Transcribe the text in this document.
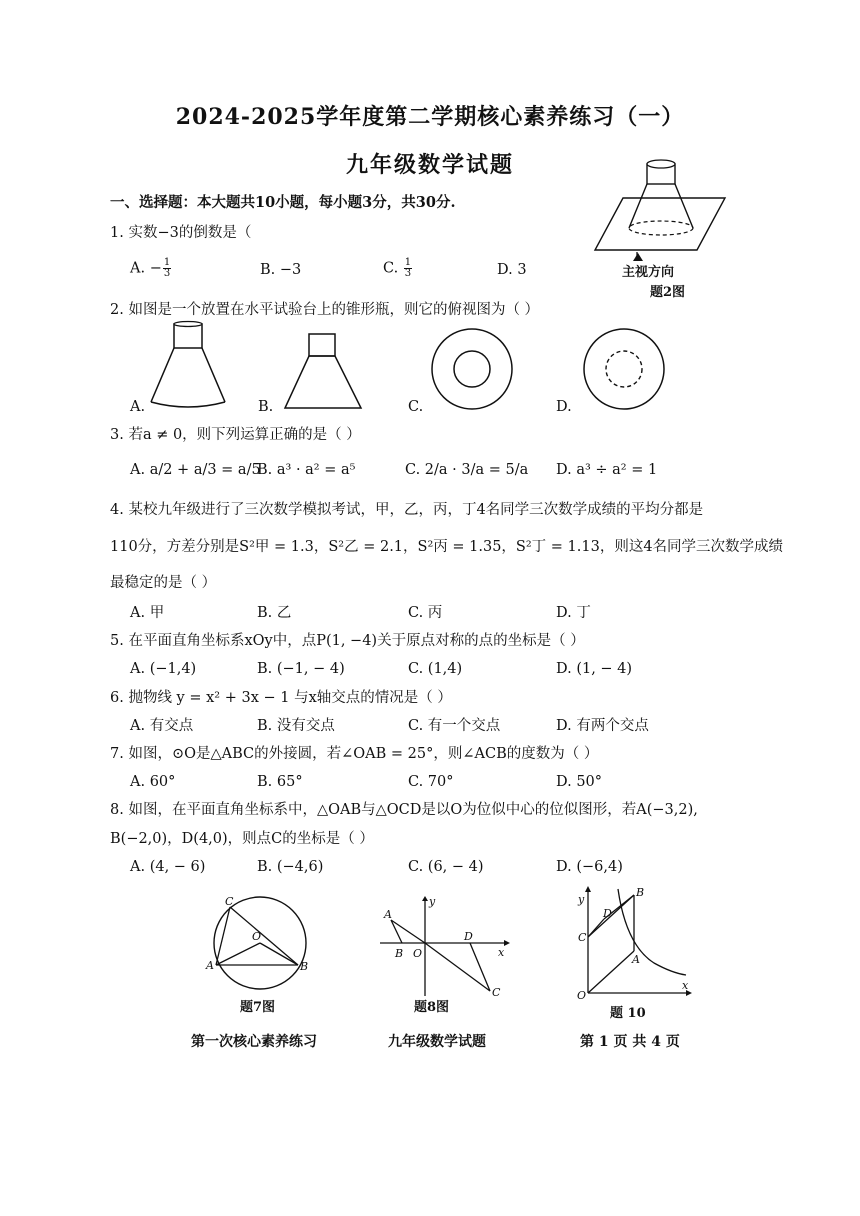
2024-2025学年度第二学期核心素养练习（一）
九年级数学试题
一、选择题：本大题共10小题，每小题3分，共30分.
主视方向
题2图
1. 实数−3的倒数是（
A. − $\frac{1}{3}$	B. −3	C. $\frac{1}{3}$	D. 3
2. 如图是一个放置在水平试验台上的锥形瓶，则它的俯视图为（ ）
A.	B.	C.	D.
3. 若a ≠ 0，则下列运算正确的是（ ）
A. a/2 + a/3 = a/5
B. a³ · a² = a⁵	C. 2/a · 3/a = 5/a D. a³ ÷ a² = 1
4. 某校九年级进行了三次数学模拟考试，甲，乙，丙，丁4名同学三次数学成绩的平均分都是
110分，方差分别是S²甲 = 1.3，S²乙 = 2.1，S²丙 = 1.35，S²丁 = 1.13，则这4名同学三次数学成绩
最稳定的是（ ）
A. 甲	B. 乙	C. 丙	D. 丁
5. 在平面直角坐标系xOy中，点P(1, −4)关于原点对称的点的坐标是（ ）
A. (−1,4)	B. (−1, − 4)	C. (1,4)	D. (1, − 4)
6. 抛物线 y = x² + 3x − 1 与x轴交点的情况是（ ）
A. 有交点	B. 没有交点	C. 有一个交点	D. 有两个交点
7. 如图，⊙O是△ABC的外接圆，若∠OAB = 25°，则∠ACB的度数为（ ）
A. 60°	B. 65°	C. 70°	D. 50°
8. 如图，在平面直角坐标系中，△OAB与△OCD是以O为位似中心的位似图形，若A(−3,2),
B(−2,0)，D(4,0)，则点C的坐标是（ ）
A. (4, − 6)	B. (−4,6)	C. (6, − 4)	D. (−6,4)
C
O
A	B
题7图
A
B O
D
C
y
x
题8图
y
B
D
C
A
O
x
题 10
第一次核心素养练习	九年级数学试题	第 1 页 共 4 页
